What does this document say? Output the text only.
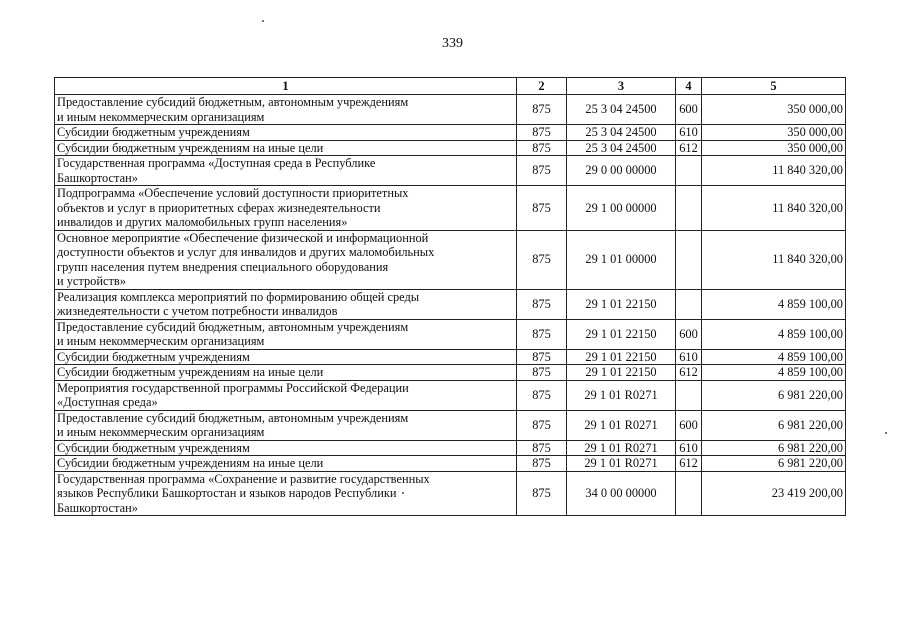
339
1	2	3	4	5
Предоставление субсидий бюджетным, автономным учреждениям
и иным некоммерческим организациям	875	25 3 04 24500	600	350 000,00
Субсидии бюджетным учреждениям	875	25 3 04 24500	610	350 000,00
Субсидии бюджетным учреждениям на иные цели	875	25 3 04 24500	612	350 000,00
Государственная программа «Доступная среда в Республике
Башкортостан»	875	29 0 00 00000		11 840 320,00
Подпрограмма «Обеспечение условий доступности приоритетных
объектов и услуг в приоритетных сферах жизнедеятельности
инвалидов и других маломобильных групп населения»	875	29 1 00 00000		11 840 320,00
Основное мероприятие «Обеспечение физической и информационной
доступности объектов и услуг для инвалидов и других маломобильных
групп населения путем внедрения специального оборудования
и устройств»	875	29 1 01 00000		11 840 320,00
Реализация комплекса мероприятий по формированию общей среды
жизнедеятельности с учетом потребности инвалидов	875	29 1 01 22150		4 859 100,00
Предоставление субсидий бюджетным, автономным учреждениям
и иным некоммерческим организациям	875	29 1 01 22150	600	4 859 100,00
Субсидии бюджетным учреждениям	875	29 1 01 22150	610	4 859 100,00
Субсидии бюджетным учреждениям на иные цели	875	29 1 01 22150	612	4 859 100,00
Мероприятия государственной программы Российской Федерации
«Доступная среда»	875	29 1 01 R0271		6 981 220,00
Предоставление субсидий бюджетным, автономным учреждениям
и иным некоммерческим организациям	875	29 1 01 R0271	600	6 981 220,00
Субсидии бюджетным учреждениям	875	29 1 01 R0271	610	6 981 220,00
Субсидии бюджетным учреждениям на иные цели	875	29 1 01 R0271	612	6 981 220,00
Государственная программа «Сохранение и развитие государственных
языков Республики Башкортостан и языков народов Республики
Башкортостан»	875	34 0 00 00000		23 419 200,00
